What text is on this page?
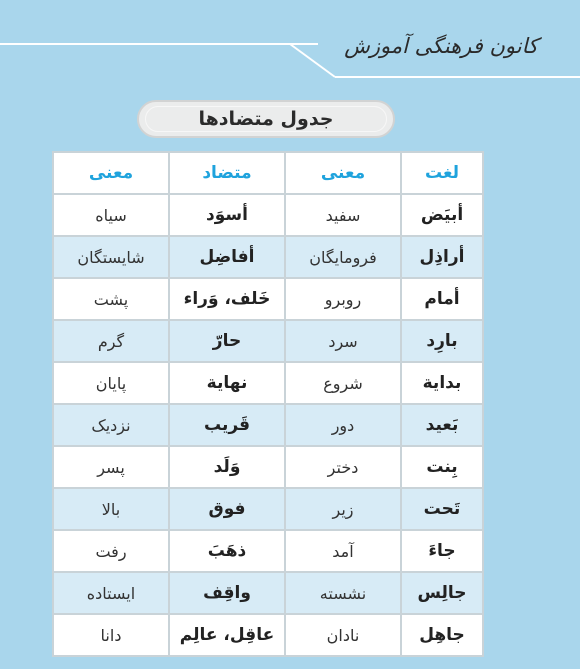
کانون فرهنگی آموزش
جدول متضادها
لغت	معنی	متضاد	معنی
أبيَض	سفید	أسوَد	سیاه
أراذِل	فرومایگان	أفاضِل	شایستگان
أمام	روبرو	خَلف، وَراء	پشت
بارِد	سرد	حارّ	گرم
بداية	شروع	نهاية	پایان
بَعيد	دور	قَريب	نزدیک
بِنت	دختر	وَلَد	پسر
تَحت	زیر	فوق	بالا
جاءَ	آمد	ذهَبَ	رفت
جالِس	نشسته	واقِف	ایستاده
جاهِل	نادان	عاقِل، عالِم	دانا
